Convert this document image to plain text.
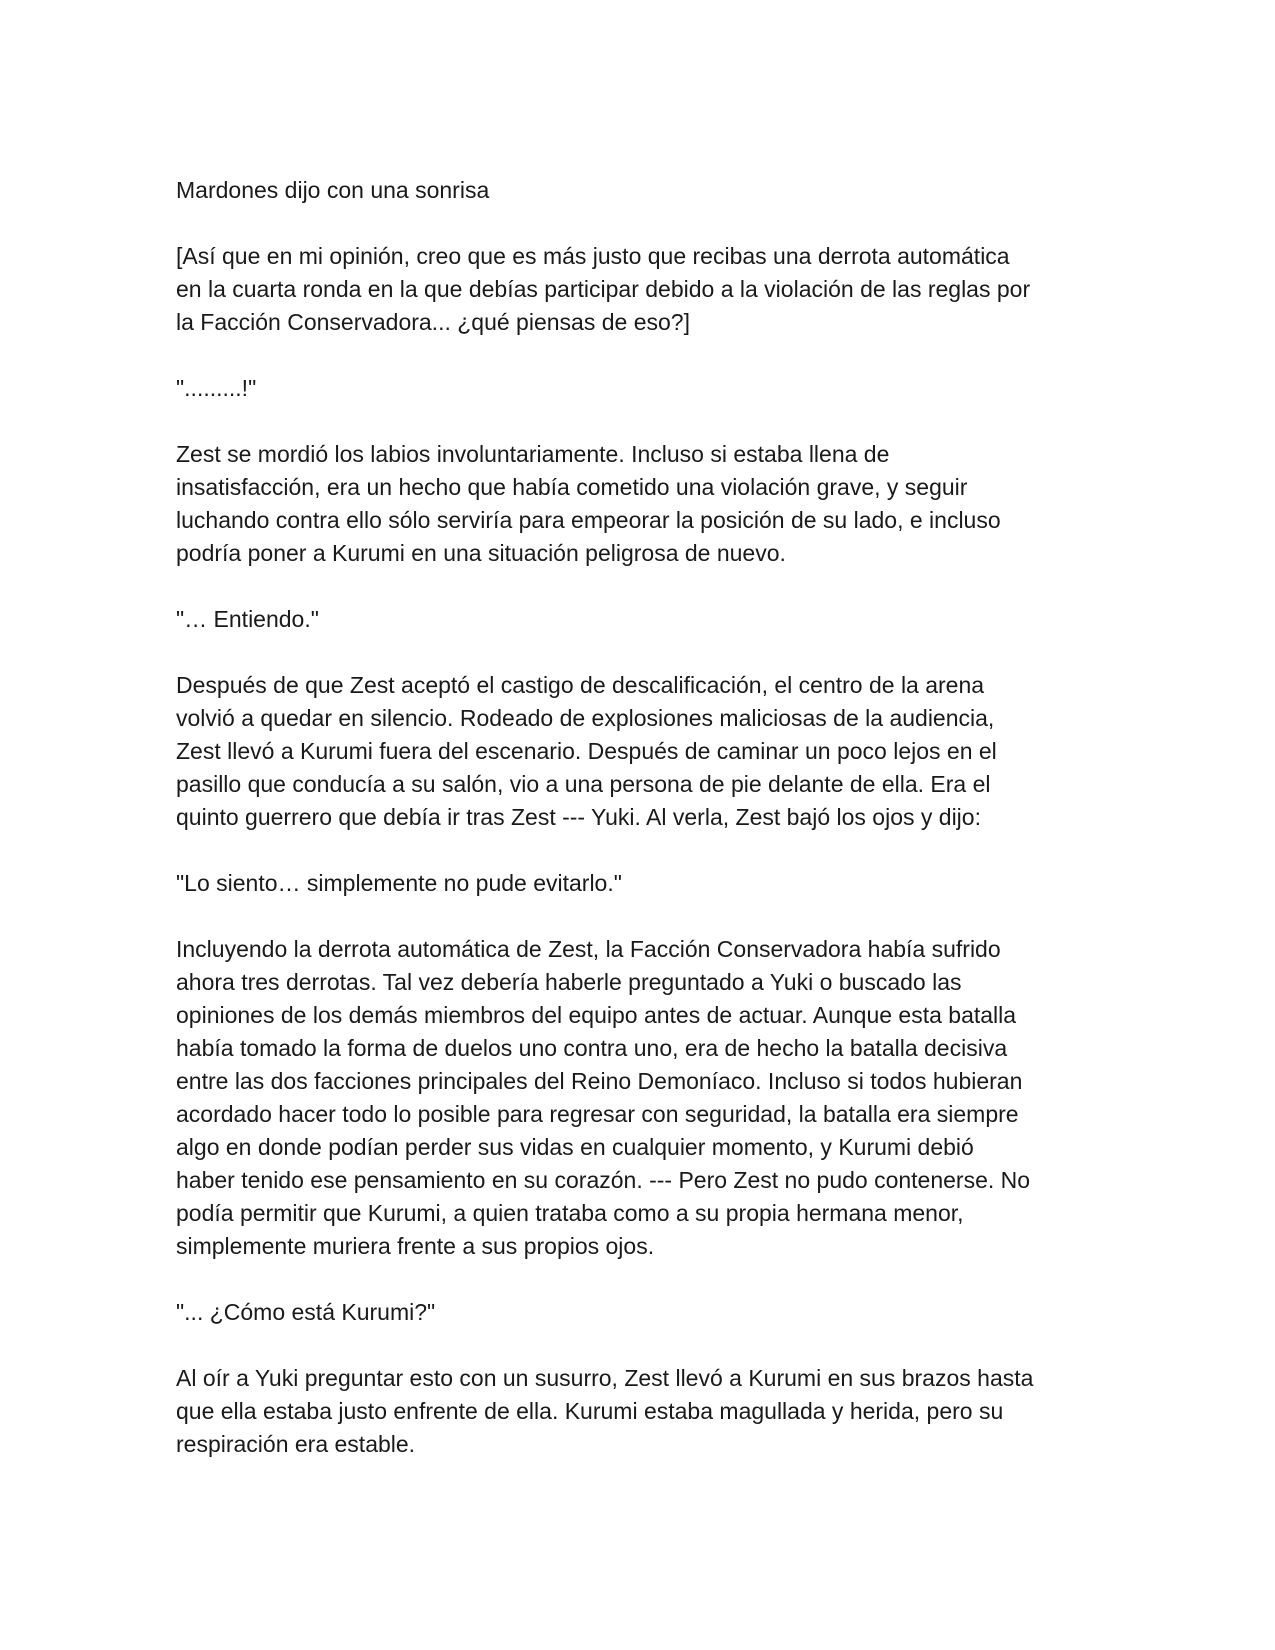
Mardones dijo con una sonrisa

[Así que en mi opinión, creo que es más justo que recibas una derrota automática
en la cuarta ronda en la que debías participar debido a la violación de las reglas por
la Facción Conservadora... ¿qué piensas de eso?]

".........!"

Zest se mordió los labios involuntariamente. Incluso si estaba llena de
insatisfacción, era un hecho que había cometido una violación grave, y seguir
luchando contra ello sólo serviría para empeorar la posición de su lado, e incluso
podría poner a Kurumi en una situación peligrosa de nuevo.

"… Entiendo."

Después de que Zest aceptó el castigo de descalificación, el centro de la arena
volvió a quedar en silencio. Rodeado de explosiones maliciosas de la audiencia,
Zest llevó a Kurumi fuera del escenario. Después de caminar un poco lejos en el
pasillo que conducía a su salón, vio a una persona de pie delante de ella. Era el
quinto guerrero que debía ir tras Zest --- Yuki. Al verla, Zest bajó los ojos y dijo:

"Lo siento… simplemente no pude evitarlo."

Incluyendo la derrota automática de Zest, la Facción Conservadora había sufrido
ahora tres derrotas. Tal vez debería haberle preguntado a Yuki o buscado las
opiniones de los demás miembros del equipo antes de actuar. Aunque esta batalla
había tomado la forma de duelos uno contra uno, era de hecho la batalla decisiva
entre las dos facciones principales del Reino Demoníaco. Incluso si todos hubieran
acordado hacer todo lo posible para regresar con seguridad, la batalla era siempre
algo en donde podían perder sus vidas en cualquier momento, y Kurumi debió
haber tenido ese pensamiento en su corazón. --- Pero Zest no pudo contenerse. No
podía permitir que Kurumi, a quien trataba como a su propia hermana menor,
simplemente muriera frente a sus propios ojos.

"... ¿Cómo está Kurumi?"

Al oír a Yuki preguntar esto con un susurro, Zest llevó a Kurumi en sus brazos hasta
que ella estaba justo enfrente de ella. Kurumi estaba magullada y herida, pero su
respiración era estable.
